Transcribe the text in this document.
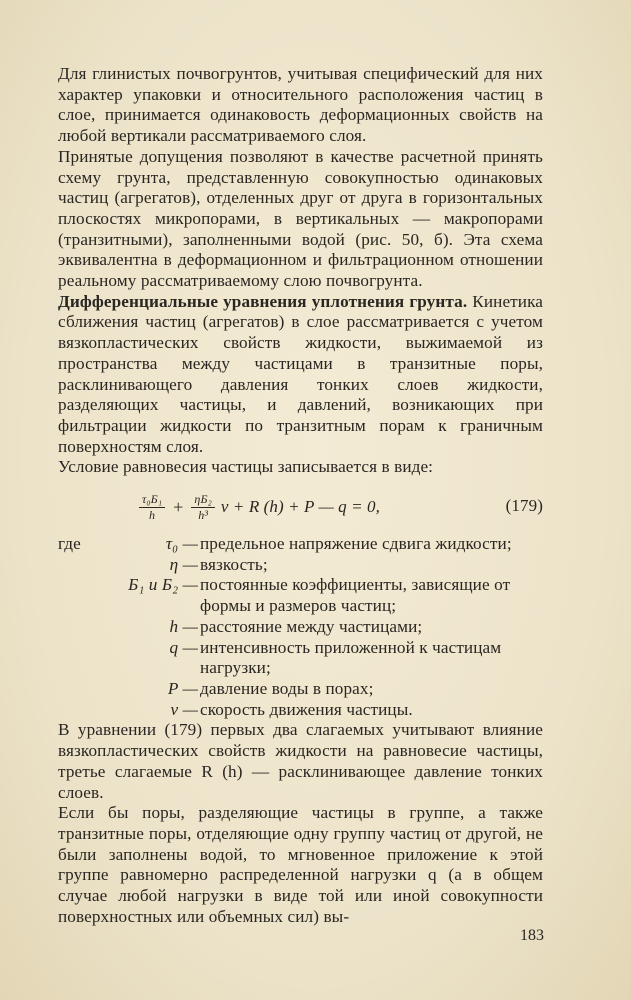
Для глинистых почвогрунтов, учитывая специфический для них характер упаковки и относительного расположения частиц в слое, принимается одинаковость деформационных свойств на любой вертикали рассматриваемого слоя.

Принятые допущения позволяют в качестве расчетной принять схему грунта, представленную совокупностью одинаковых частиц (агрегатов), отделенных друг от друга в горизонтальных плоскостях микропорами, в вертикальных — макропорами (транзитными), заполненными водой (рис. 50, б). Эта схема эквивалентна в деформационном и фильтрационном отношении реальному рассматриваемому слою почвогрунта.

Дифференциальные уравнения уплотнения грунта. Кинетика сближения частиц (агрегатов) в слое рассматривается с учетом вязкопластических свойств жидкости, выжимаемой из пространства между частицами в транзитные поры, расклинивающего давления тонких слоев жидкости, разделяющих частицы, и давлений, возникающих при фильтрации жидкости по транзитным порам к граничным поверхностям слоя.

Условие равновесия частицы записывается в виде:

$\frac{\text{τ₀Б₁}}{h} + \frac{\text{ηБ₂}}{\text{h³}}$ v + R (h) + P — q = 0,	(179)
где	τ₀ — предельное напряжение сдвига жидкости;
η — вязкость;
Б₁ и Б₂ — постоянные коэффициенты, зависящие от
формы и размеров частиц;
h — расстояние между частицами;
q — интенсивность приложенной к частицам
нагрузки;
P — давление воды в порах;
v — скорость движения частицы.

В уравнении (179) первых два слагаемых учитывают влияние вязкопластических свойств жидкости на равновесие частицы, третье слагаемые R (h) — расклинивающее давление тонких слоев.

Если бы поры, разделяющие частицы в группе, а также транзитные поры, отделяющие одну группу частиц от другой, не были заполнены водой, то мгновенное приложение к этой группе равномерно распределенной нагрузки q (а в общем случае любой нагрузки в виде той или иной совокупности поверхностных или объемных сил) вы-

183
